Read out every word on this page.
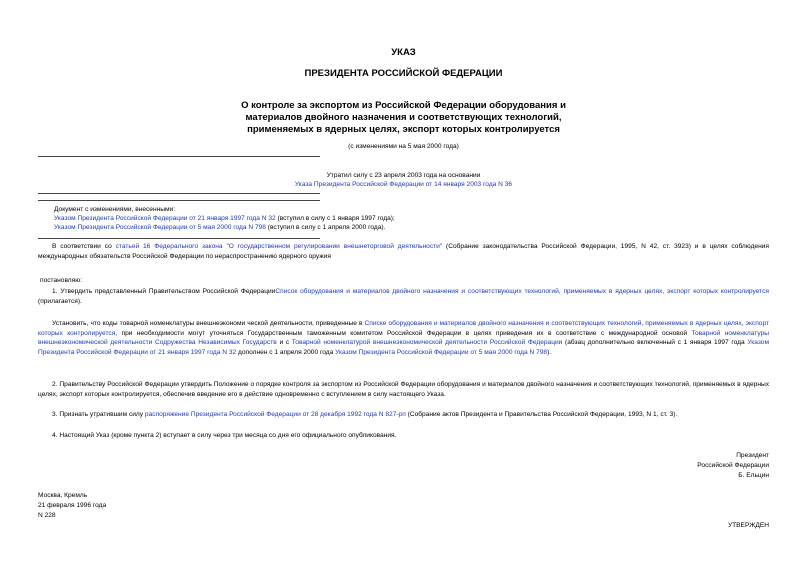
УКАЗ
ПРЕЗИДЕНТА РОССИЙСКОЙ ФЕДЕРАЦИИ
О контроле за экспортом из Российской Федерации оборудования и
материалов двойного назначения и соответствующих технологий,
применяемых в ядерных целях, экспорт которых контролируется
(с изменениями на 5 мая 2000 года)
Утратил силу с 23 апреля 2003 года на основании
Указа Президента Российской Федерации от 14 января 2003 года N 36
Документ с изменениями, внесенными:
Указом Президента Российской Федерации от 21 января 1997 года N 32 (вступил в силу с 1 января 1997 года);
Указом Президента Российской Федерации от 5 мая 2000 года N 798 (вступил в силу с 1 апреля 2000 года).
В соответствии со статьей 16 Федерального закона "О государственном регулировании внешнеторговой деятельности" (Собрание законодательства Российской Федерации, 1995, N 42, ст. 3923) и в целях соблюдения международных обязательств Российской Федерации по нераспространению ядерного оружия
постановляю:
1. Утвердить представленный Правительством Российской ФедерацииСписок оборудования и материалов двойного назначения и соответствующих технологий, применяемых в ядерных целях, экспорт которых контролируется (прилагается).
Установить, что коды товарной номенклатуры внешнеэкономи ческой деятельности, приведенные в Списке оборудования и материалов двойного назначения и соответствующих технологий, применяемых в ядерных целях, экспорт которых контролируется, при необходимости могут уточняться Государственным таможенным комитетом Российской Федерации в целях приведения их в соответствие с международной основой Товарной номенклатуры внешнеэкономической деятельности Содружества Независимых Государств и с Товарной номенклатурой внешнеэкономической деятельности Российской Федерации (абзац дополнительно включенный с 1 января 1997 года Указом Президента Российской Федерации от 21 января 1997 года N 32 дополнен с 1 апреля 2000 года Указом Президента Российской Федерации от 5 мая 2000 года N 798).
2. Правительству Российской Федерации утвердить Положение о порядке контроля за экспортом из Российской Федерации оборудования и материалов двойного назначения и соответствующих технологий, применяемых в ядерных целях, экспорт которых контролируется, обеспечив введение его в действие одновременно с вступлением в силу настоящего Указа.
3. Признать утратившим силу распоряжение Президента Российской Федерации от 28 декабря 1992 года N 827-рп (Собрание актов Президента и Правительства Российской Федерации, 1993, N 1, ст. 3).
4. Настоящий Указ (кроме пункта 2) вступает в силу через три месяца со дня его официального опубликования.
Президент
Российской Федерации
Б. Ельцин
Москва, Кремль
21 февраля 1996 года
N 228
УТВЕРЖДЕН
